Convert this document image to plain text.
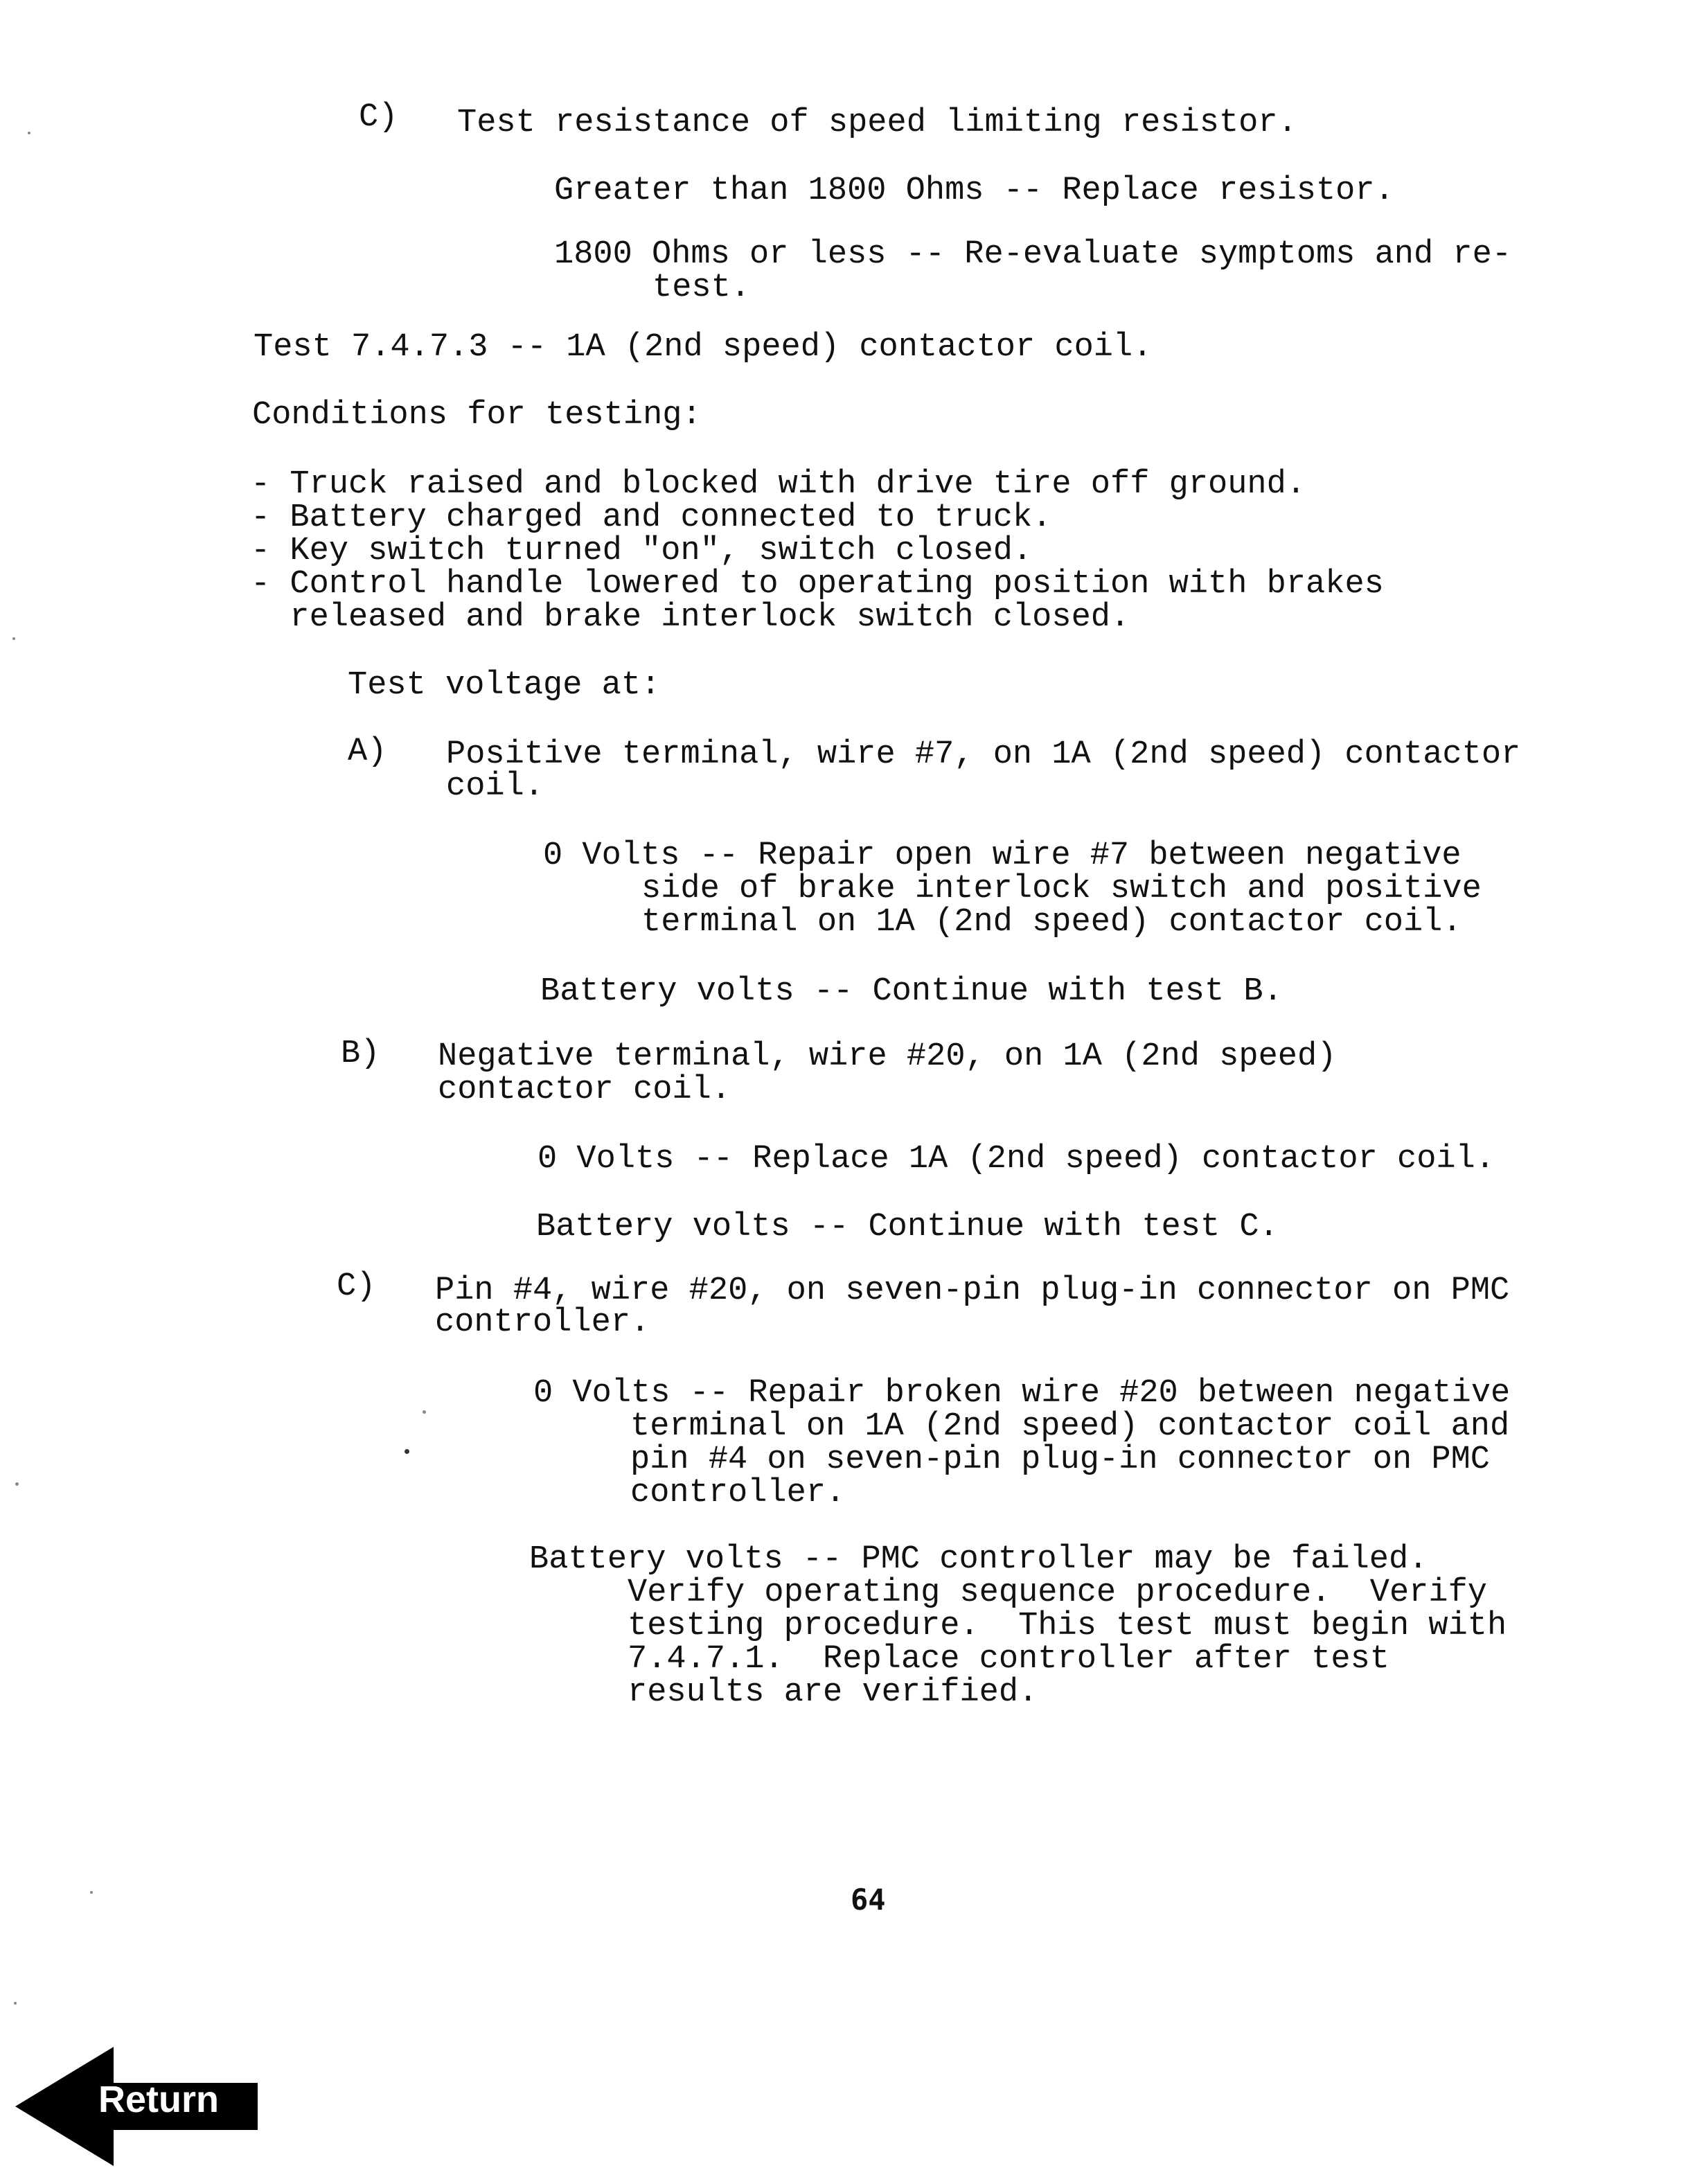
C) Test resistance of speed limiting resistor.
Greater than 1800 Ohms -- Replace resistor.
1800 Ohms or less -- Re-evaluate symptoms and re-
test.
Test 7.4.7.3 -- 1A (2nd speed) contactor coil.
Conditions for testing:
- Truck raised and blocked with drive tire off ground.
- Battery charged and connected to truck.
- Key switch turned "on", switch closed.
- Control handle lowered to operating position with brakes
released and brake interlock switch closed.
Test voltage at:
A) Positive terminal, wire #7, on 1A (2nd speed) contactor
coil.
0 Volts -- Repair open wire #7 between negative
side of brake interlock switch and positive
terminal on 1A (2nd speed) contactor coil.
Battery volts -- Continue with test B.
B) Negative terminal, wire #20, on 1A (2nd speed)
contactor coil.
0 Volts -- Replace 1A (2nd speed) contactor coil.
Battery volts -- Continue with test C.
C) Pin #4, wire #20, on seven-pin plug-in connector on PMC
controller.
0 Volts -- Repair broken wire #20 between negative
terminal on 1A (2nd speed) contactor coil and
pin #4 on seven-pin plug-in connector on PMC
controller.
Battery volts -- PMC controller may be failed.
Verify operating sequence procedure.  Verify
testing procedure.  This test must begin with
7.4.7.1.  Replace controller after test
results are verified.
64
Return
